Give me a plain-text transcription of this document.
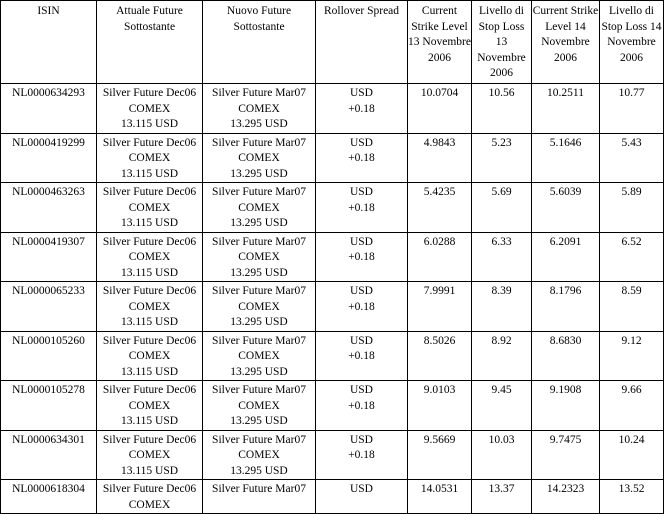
ISIN	Attuale Future Sottostante	Nuovo Future Sottostante	Rollover Spread	Current Strike Level 13 Novembre 2006	Livello di Stop Loss 13 Novembre 2006	Current Strike Level 14 Novembre 2006	Livello di Stop Loss 14 Novembre 2006

NL0000634293	Silver Future Dec06
COMEX
13.115 USD	Silver Future Mar07
COMEX
13.295 USD	USD
+0.18	10.0704	10.56	10.2511	10.77
NL0000419299	Silver Future Dec06
COMEX
13.115 USD	Silver Future Mar07
COMEX
13.295 USD	USD
+0.18	4.9843	5.23	5.1646	5.43
NL0000463263	Silver Future Dec06
COMEX
13.115 USD	Silver Future Mar07
COMEX
13.295 USD	USD
+0.18	5.4235	5.69	5.6039	5.89
NL0000419307	Silver Future Dec06
COMEX
13.115 USD	Silver Future Mar07
COMEX
13.295 USD	USD
+0.18	6.0288	6.33	6.2091	6.52
NL0000065233	Silver Future Dec06
COMEX
13.115 USD	Silver Future Mar07
COMEX
13.295 USD	USD
+0.18	7.9991	8.39	8.1796	8.59
NL0000105260	Silver Future Dec06
COMEX
13.115 USD	Silver Future Mar07
COMEX
13.295 USD	USD
+0.18	8.5026	8.92	8.6830	9.12
NL0000105278	Silver Future Dec06
COMEX
13.115 USD	Silver Future Mar07
COMEX
13.295 USD	USD
+0.18	9.0103	9.45	9.1908	9.66
NL0000634301	Silver Future Dec06
COMEX
13.115 USD	Silver Future Mar07
COMEX
13.295 USD	USD
+0.18	9.5669	10.03	9.7475	10.24
NL0000618304	Silver Future Dec06
COMEX	Silver Future Mar07	USD	14.0531	13.37	14.2323	13.52
